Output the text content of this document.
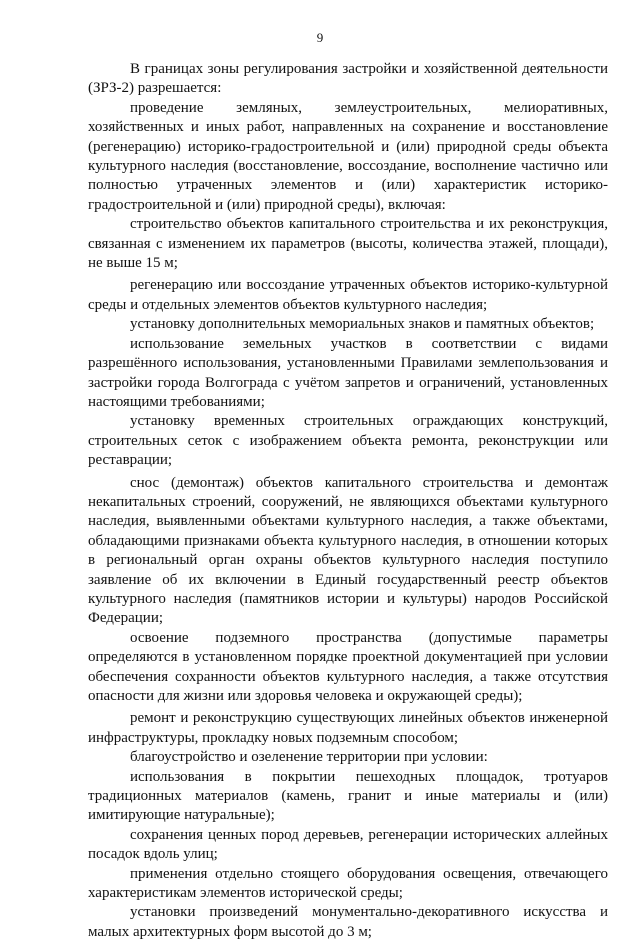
9

В границах зоны регулирования застройки и хозяйственной деятельности (ЗРЗ-2) разрешается:

проведение земляных, землеустроительных, мелиоративных, хозяйственных и иных работ, направленных на сохранение и восстановление (регенерацию) историко-градостроительной и (или) природной среды объекта культурного наследия (восстановление, воссоздание, восполнение частично или полностью утраченных элементов и (или) характеристик историко-градостроительной и (или) природной среды), включая:

строительство объектов капитального строительства и их реконструкция, связанная с изменением их параметров (высоты, количества этажей, площади), не выше 15 м;

регенерацию или воссоздание утраченных объектов историко-культурной среды и отдельных элементов объектов культурного наследия;

установку дополнительных мемориальных знаков и памятных объектов;

использование земельных участков в соответствии с видами разрешённого использования, установленными Правилами землепользования и застройки города Волгограда с учётом запретов и ограничений, установленных настоящими требованиями;

установку временных строительных ограждающих конструкций, строительных сеток с изображением объекта ремонта, реконструкции или реставрации;

снос (демонтаж) объектов капитального строительства и демонтаж некапитальных строений, сооружений, не являющихся объектами культурного наследия, выявленными объектами культурного наследия, а также объектами, обладающими признаками объекта культурного наследия, в отношении которых в региональный орган охраны объектов культурного наследия поступило заявление об их включении в Единый государственный реестр объектов культурного наследия (памятников истории и культуры) народов Российской Федерации;

освоение подземного пространства (допустимые параметры определяются в установленном порядке проектной документацией при условии обеспечения сохранности объектов культурного наследия, а также отсутствия опасности для жизни или здоровья человека и окружающей среды);

ремонт и реконструкцию существующих линейных объектов инженерной инфраструктуры, прокладку новых подземным способом;

благоустройство и озеленение территории при условии:

использования в покрытии пешеходных площадок, тротуаров традиционных материалов (камень, гранит и иные материалы и (или) имитирующие натуральные);

сохранения ценных пород деревьев, регенерации исторических аллейных посадок вдоль улиц;

применения отдельно стоящего оборудования освещения, отвечающего характеристикам элементов исторической среды;

установки произведений монументально-декоративного искусства и малых архитектурных форм высотой до 3 м;
